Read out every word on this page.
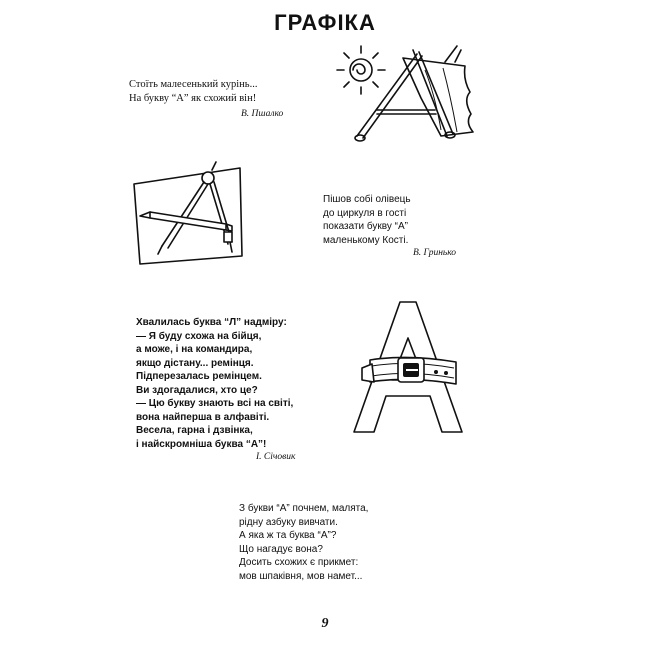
ГРАФІКА
Стоїть малесенький курінь...
На букву “А” як схожий він!
В. Пшалко
Пішов собі олівець
до циркуля в гості
показати букву “А”
маленькому Кості.
В. Гринько
Хвалилась буква “Л” надміру:
— Я буду схожа на бійця,
а може, і на командира,
якщо дістану... ремінця.
Підперезалась ремінцем.
Ви здогадалися, хто це?
— Цю букву знають всі на світі,
вона найперша в алфавіті.
Весела, гарна і дзвінка,
і найскромніша буква “А”!
І. Січовик
З букви “А” почнем, малята,
рідну азбуку вивчати.
А яка ж та буква “А”?
Що нагадує вона?
Досить схожих є прикмет:
мов шпаківня, мов намет...
9
